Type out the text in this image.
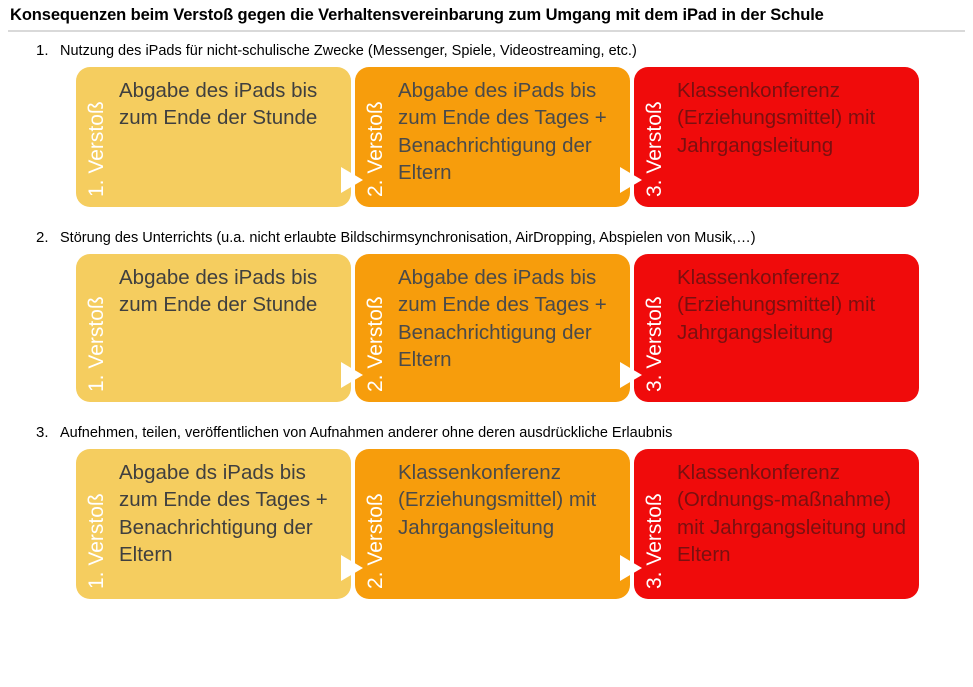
Konsequenzen beim Verstoß gegen die Verhaltensvereinbarung zum Umgang mit dem iPad in der Schule
1. Nutzung des iPads für nicht-schulische Zwecke (Messenger, Spiele, Videostreaming, etc.)
1. Verstoß
Abgabe des iPads bis zum Ende der Stunde	2. Verstoß
Abgabe des iPads bis zum Ende des Tages + Benachrichtigung der Eltern	3. Verstoß
Klassenkonferenz (Erziehungsmittel) mit Jahrgangsleitung
2. Störung des Unterrichts (u.a. nicht erlaubte Bildschirmsynchronisation, AirDropping, Abspielen von Musik,…)
1. Verstoß
Abgabe des iPads bis zum Ende der Stunde	2. Verstoß
Abgabe des iPads bis zum Ende des Tages + Benachrichtigung der Eltern	3. Verstoß
Klassenkonferenz (Erziehungsmittel) mit Jahrgangsleitung
3. Aufnehmen, teilen, veröffentlichen von Aufnahmen anderer ohne deren ausdrückliche Erlaubnis
1. Verstoß
Abgabe ds iPads bis zum Ende des Tages + Benachrichtigung der Eltern	2. Verstoß
Klassenkonferenz (Erziehungsmittel) mit Jahrgangsleitung	3. Verstoß
Klassenkonferenz (Ordnungs-maßnahme) mit Jahrgangsleitung und Eltern
